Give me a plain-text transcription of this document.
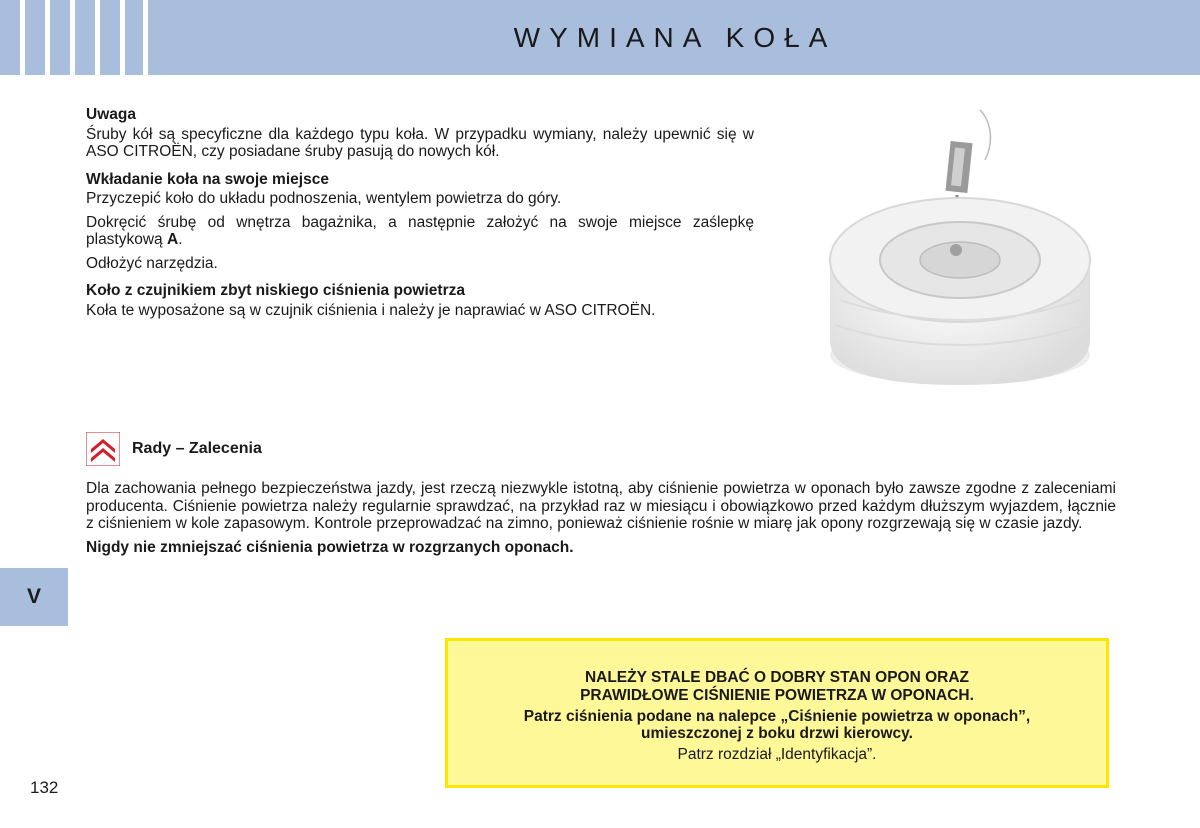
WYMIANA KOŁA
V
Uwaga

Śruby kół są specyficzne dla każdego typu koła. W przypadku wymiany, należy upewnić się w ASO CITROËN, czy posiadane śruby pasują do nowych kół.

Wkładanie koła na swoje miejsce

Przyczepić koło do układu podnoszenia, wentylem powietrza do góry.

Dokręcić śrubę od wnętrza bagażnika, a następnie założyć na swoje miejsce zaślepkę plastykową A.

Odłożyć narzędzia.

Koło z czujnikiem zbyt niskiego ciśnienia powietrza

Koła te wyposażone są w czujnik ciśnienia i należy je naprawiać w ASO CITROËN.

Rady – Zalecenia

Dla zachowania pełnego bezpieczeństwa jazdy, jest rzeczą niezwykle istotną, aby ciśnienie powietrza w oponach było zawsze zgodne z zaleceniami producenta. Ciśnienie powietrza należy regularnie sprawdzać, na przykład raz w miesiącu i obowiązkowo przed każdym dłuższym wyjazdem, łącznie z ciśnieniem w kole zapasowym. Kontrole przeprowadzać na zimno, ponieważ ciśnienie rośnie w miarę jak opony rozgrzewają się w czasie jazdy.

Nigdy nie zmniejszać ciśnienia powietrza w rozgrzanych oponach.

NALEŻY STALE DBAĆ O DOBRY STAN OPON ORAZ
PRAWIDŁOWE CIŚNIENIE POWIETRZA W OPONACH.
Patrz ciśnienia podane na nalepce „Ciśnienie powietrza w oponach”, umieszczonej z boku drzwi kierowcy.
Patrz rozdział „Identyfikacja”.
132
